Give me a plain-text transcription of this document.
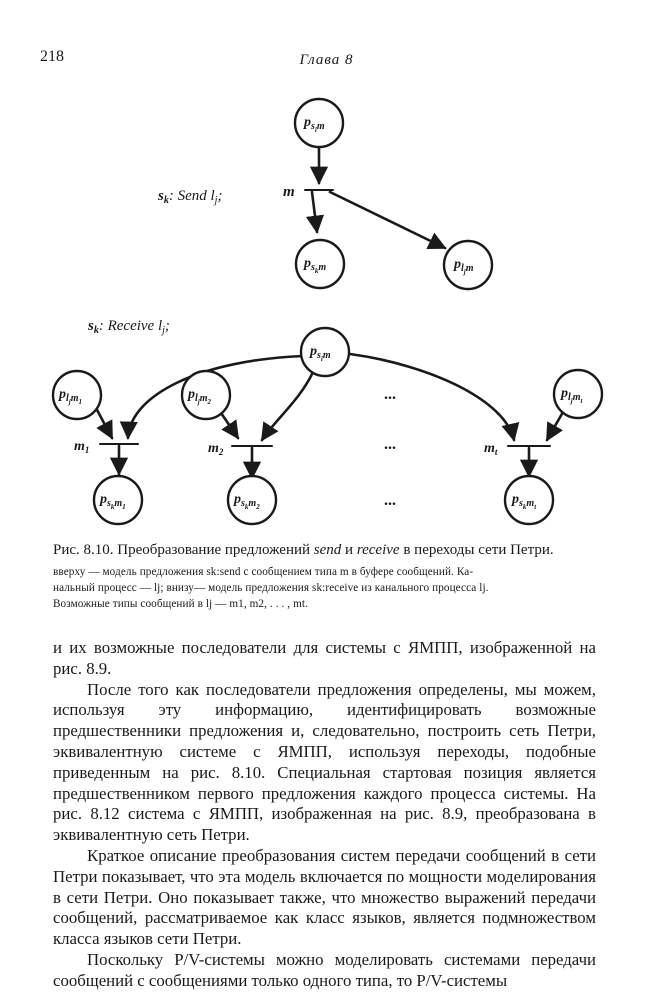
218	Глава 8
$p_{si}^m$
$p_{sk}^m$	$p_{lj}^m$
$p_{si}^m$
$p_{lj}^m_1$	$p_{lj}^m_2$
$p_{lj}^m_t$
$p_{sk}^m_1$	$p_{sk}^m_2$	$p_{sk}^m_t$
$s_k$: Send $l_j$;	m
$s_k$: Receive $l_j$;
$m_1$	$m_2$	$m_t$
...
...
...
Рис. 8.10. Преобразование предложений send и receive в переходы сети Петри.
вверху — модель предложения sk:send с сообщением типа m в буфере сообщений. Ка-
нальный процесс — lj; внизу— модель предложения sk:receive из канального процесса lj.
Возможные типы сообщений в lj — m1, m2, . . . , mt.

и их возможные последователи для системы с ЯМПП, изображенной на рис. 8.9.

После того как последователи предложения определены, мы можем, используя эту информацию, идентифицировать возможные предшественники предложения и, следовательно, построить сеть Петри, эквивалентную системе с ЯМПП, используя переходы, подобные приведенным на рис. 8.10. Специальная стартовая позиция является предшественником первого предложения каждого процесса системы. На рис. 8.12 система с ЯМПП, изображенная на рис. 8.9, преобразована в эквивалентную сеть Петри.

Краткое описание преобразования систем передачи сообщений в сети Петри показывает, что эта модель включается по мощности моделирования в сети Петри. Оно показывает также, что множество выражений передачи сообщений, рассматриваемое как класс языков, является подмножеством класса языков сети Петри.

Поскольку P/V-системы можно моделировать системами передачи сообщений с сообщениями только одного типа, то P/V-системы
